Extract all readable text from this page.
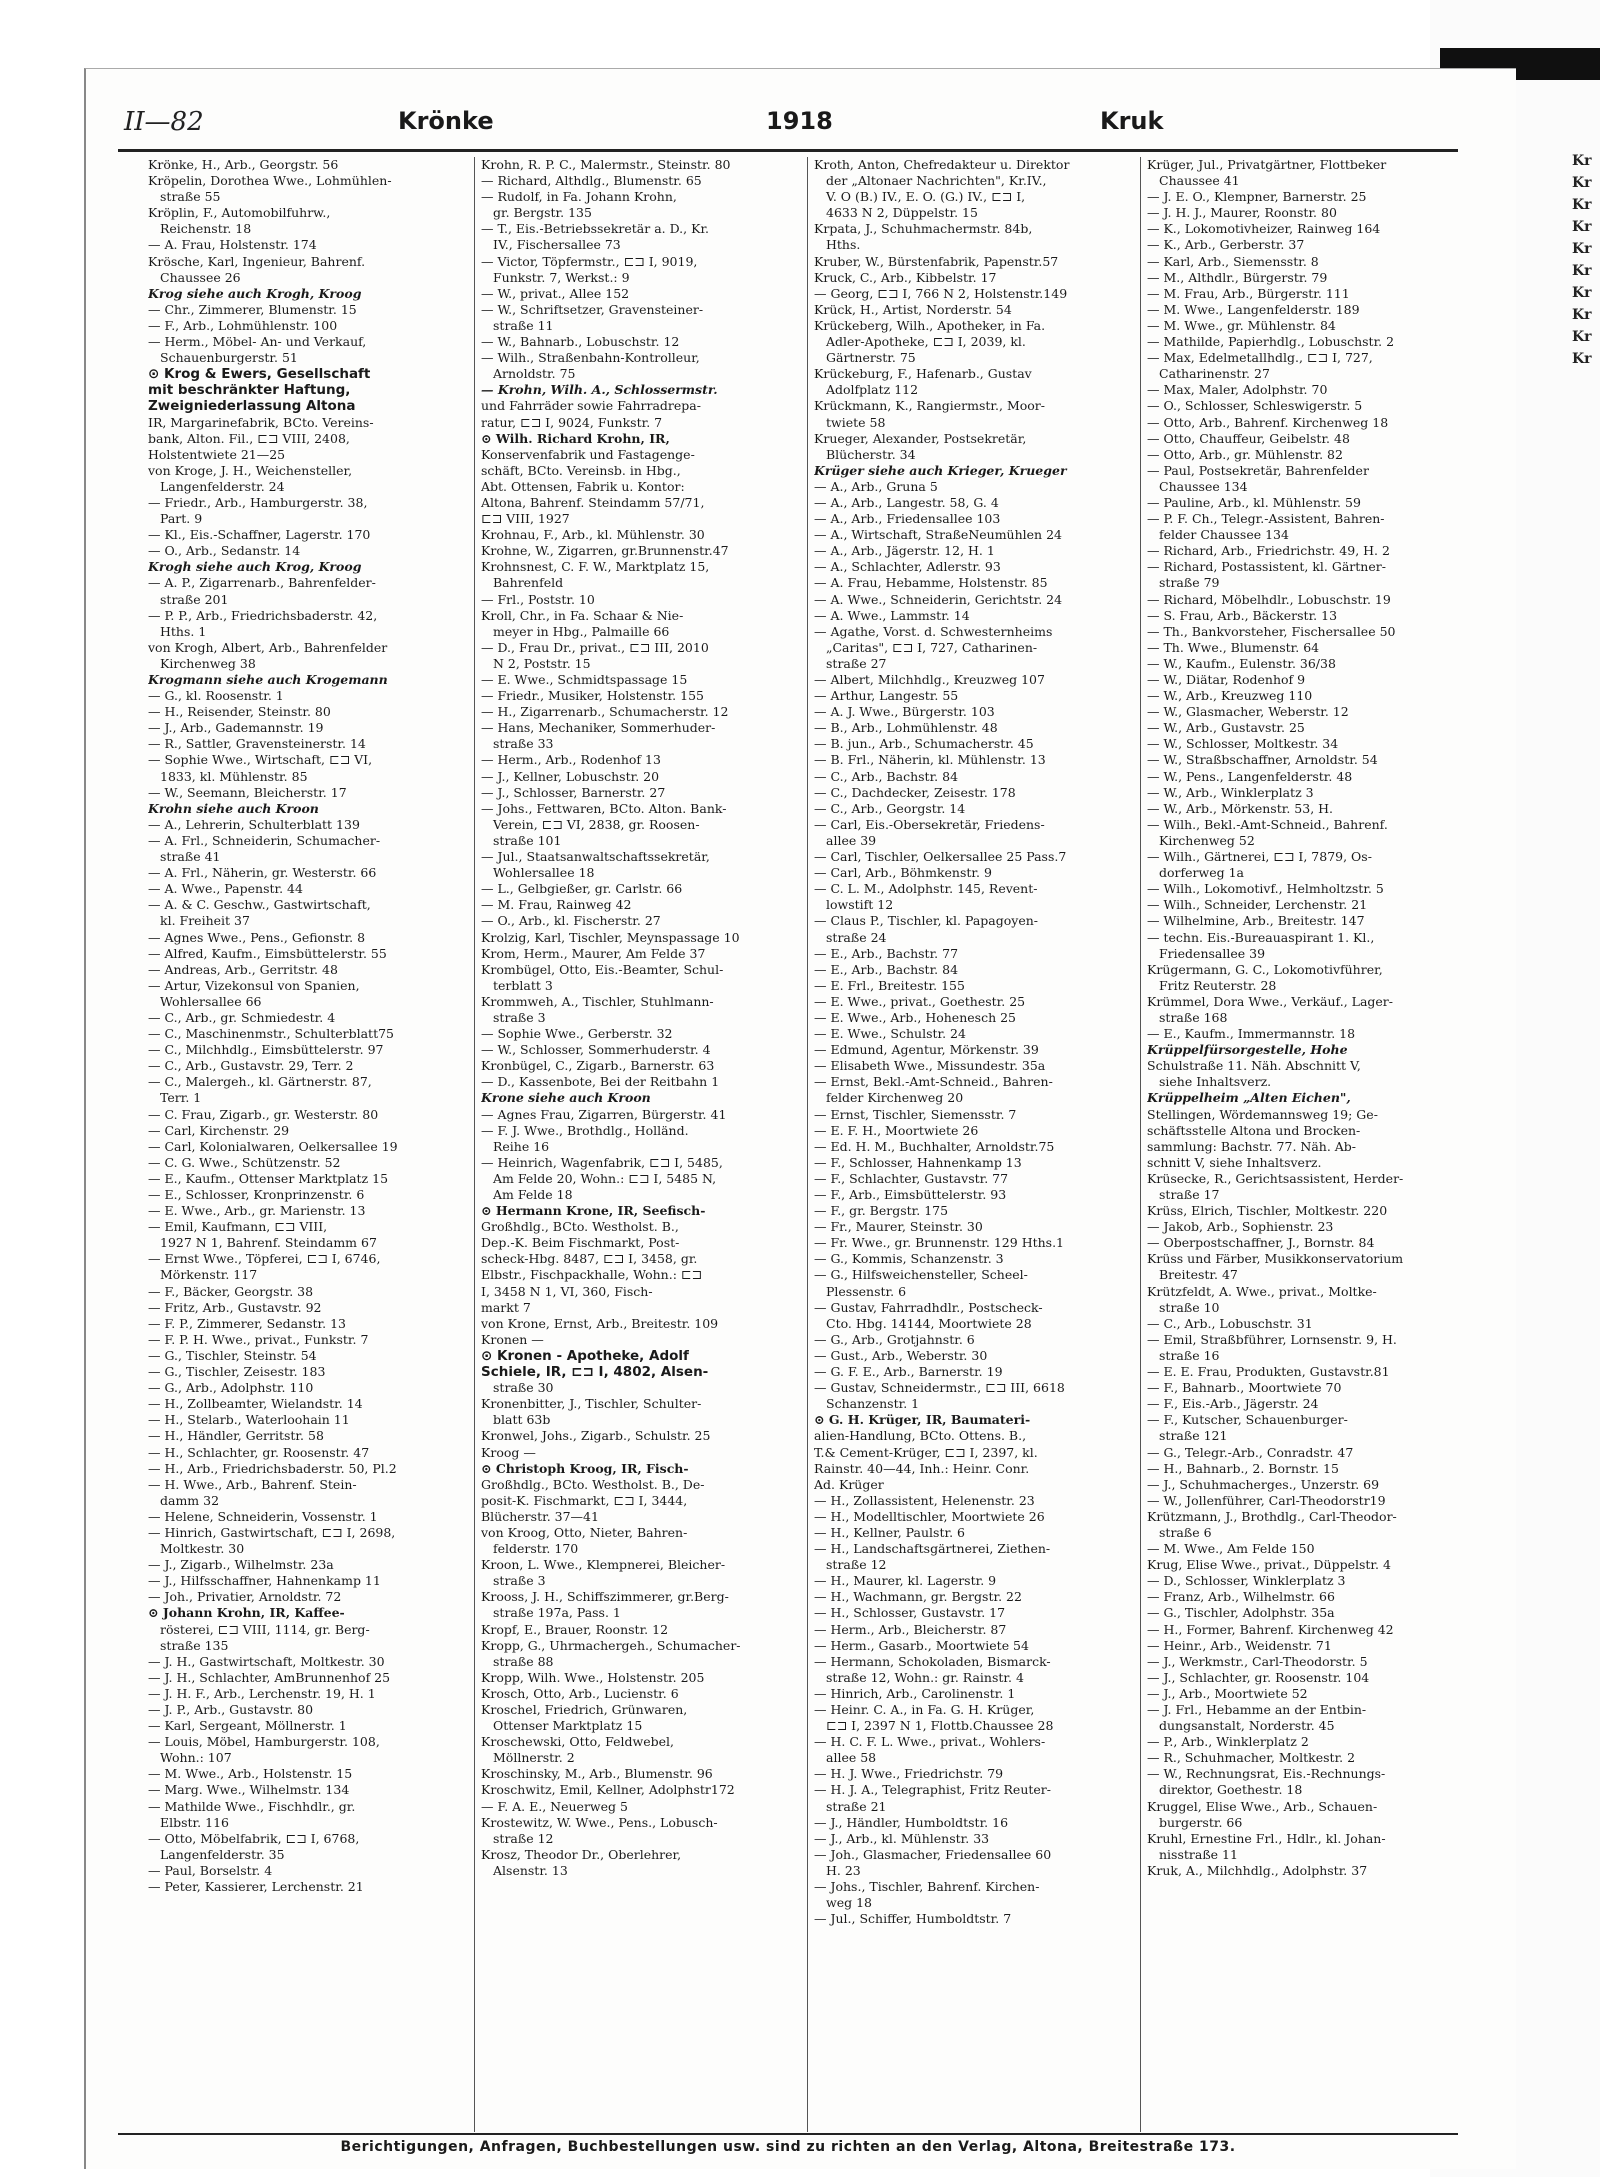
Kr
Kr
Kr
Kr
Kr
Kr
Kr
Kr
Kr
Kr
II—82	Krönke	1918	Kruk
Krönke, H., Arb., Georgstr. 56
Kröpelin, Dorothea Wwe., Lohmühlen-
straße 55
Kröplin, F., Automobilfuhrw.,
Reichenstr. 18
— A. Frau, Holstenstr. 174
Krösche, Karl, Ingenieur, Bahrenf.
Chaussee 26
Krog siehe auch Krogh, Kroog
— Chr., Zimmerer, Blumenstr. 15
— F., Arb., Lohmühlenstr. 100
— Herm., Möbel- An- und Verkauf,
Schauenburgerstr. 51
⊙ Krog & Ewers, Gesellschaft
mit beschränkter Haftung,
Zweigniederlassung Altona
IR, Margarinefabrik, BCto. Vereins-
bank, Alton. Fil., ⊏⊐ VIII, 2408,
Holstentwiete 21—25
von Kroge, J. H., Weichensteller,
Langenfelderstr. 24
— Friedr., Arb., Hamburgerstr. 38,
Part. 9
— Kl., Eis.-Schaffner, Lagerstr. 170
— O., Arb., Sedanstr. 14
Krogh siehe auch Krog, Kroog
— A. P., Zigarrenarb., Bahrenfelder-
straße 201
— P. P., Arb., Friedrichsbaderstr. 42,
Hths. 1
von Krogh, Albert, Arb., Bahrenfelder
Kirchenweg 38
Krogmann siehe auch Krogemann
— G., kl. Roosenstr. 1
— H., Reisender, Steinstr. 80
— J., Arb., Gademannstr. 19
— R., Sattler, Gravensteinerstr. 14
— Sophie Wwe., Wirtschaft, ⊏⊐ VI,
1833, kl. Mühlenstr. 85
— W., Seemann, Bleicherstr. 17
Krohn siehe auch Kroon
— A., Lehrerin, Schulterblatt 139
— A. Frl., Schneiderin, Schumacher-
straße 41
— A. Frl., Näherin, gr. Westerstr. 66
— A. Wwe., Papenstr. 44
— A. & C. Geschw., Gastwirtschaft,
kl. Freiheit 37
— Agnes Wwe., Pens., Gefionstr. 8
— Alfred, Kaufm., Eimsbüttelerstr. 55
— Andreas, Arb., Gerritstr. 48
— Artur, Vizekonsul von Spanien,
Wohlersallee 66
— C., Arb., gr. Schmiedestr. 4
— C., Maschinenmstr., Schulterblatt75
— C., Milchhdlg., Eimsbüttelerstr. 97
— C., Arb., Gustavstr. 29, Terr. 2
— C., Malergeh., kl. Gärtnerstr. 87,
Terr. 1
— C. Frau, Zigarb., gr. Westerstr. 80
— Carl, Kirchenstr. 29
— Carl, Kolonialwaren, Oelkersallee 19
— C. G. Wwe., Schützenstr. 52
— E., Kaufm., Ottenser Marktplatz 15
— E., Schlosser, Kronprinzenstr. 6
— E. Wwe., Arb., gr. Marienstr. 13
— Emil, Kaufmann, ⊏⊐ VIII,
1927 N 1, Bahrenf. Steindamm 67
— Ernst Wwe., Töpferei, ⊏⊐ I, 6746,
Mörkenstr. 117
— F., Bäcker, Georgstr. 38
— Fritz, Arb., Gustavstr. 92
— F. P., Zimmerer, Sedanstr. 13
— F. P. H. Wwe., privat., Funkstr. 7
— G., Tischler, Steinstr. 54
— G., Tischler, Zeisestr. 183
— G., Arb., Adolphstr. 110
— H., Zollbeamter, Wielandstr. 14
— H., Stelarb., Waterloohain 11
— H., Händler, Gerritstr. 58
— H., Schlachter, gr. Roosenstr. 47
— H., Arb., Friedrichsbaderstr. 50, Pl.2
— H. Wwe., Arb., Bahrenf. Stein-
damm 32
— Helene, Schneiderin, Vossenstr. 1
— Hinrich, Gastwirtschaft, ⊏⊐ I, 2698,
Moltkestr. 30
— J., Zigarb., Wilhelmstr. 23a
— J., Hilfsschaffner, Hahnenkamp 11
— Joh., Privatier, Arnoldstr. 72
⊙ Johann Krohn, IR, Kaffee-
rösterei, ⊏⊐ VIII, 1114, gr. Berg-
straße 135
— J. H., Gastwirtschaft, Moltkestr. 30
— J. H., Schlachter, AmBrunnenhof 25
— J. H. F., Arb., Lerchenstr. 19, H. 1
— J. P., Arb., Gustavstr. 80
— Karl, Sergeant, Möllnerstr. 1
— Louis, Möbel, Hamburgerstr. 108,
Wohn.: 107
— M. Wwe., Arb., Holstenstr. 15
— Marg. Wwe., Wilhelmstr. 134
— Mathilde Wwe., Fischhdlr., gr.
Elbstr. 116
— Otto, Möbelfabrik, ⊏⊐ I, 6768,
Langenfelderstr. 35
— Paul, Borselstr. 4
— Peter, Kassierer, Lerchenstr. 21
Krohn, R. P. C., Malermstr., Steinstr. 80
— Richard, Althdlg., Blumenstr. 65
— Rudolf, in Fa. Johann Krohn,
gr. Bergstr. 135
— T., Eis.-Betriebssekretär a. D., Kr.
IV., Fischersallee 73
— Victor, Töpfermstr., ⊏⊐ I, 9019,
Funkstr. 7, Werkst.: 9
— W., privat., Allee 152
— W., Schriftsetzer, Gravensteiner-
straße 11
— W., Bahnarb., Lobuschstr. 12
— Wilh., Straßenbahn-Kontrolleur,
Arnoldstr. 75
— Krohn, Wilh. A., Schlossermstr.
und Fahrräder sowie Fahrradrepa-
ratur, ⊏⊐ I, 9024, Funkstr. 7
⊙ Wilh. Richard Krohn, IR,
Konservenfabrik und Fastagenge-
schäft, BCto. Vereinsb. in Hbg.,
Abt. Ottensen, Fabrik u. Kontor:
Altona, Bahrenf. Steindamm 57/71,
⊏⊐ VIII, 1927
Krohnau, F., Arb., kl. Mühlenstr. 30
Krohne, W., Zigarren, gr.Brunnenstr.47
Krohnsnest, C. F. W., Marktplatz 15,
Bahrenfeld
— Frl., Poststr. 10
Kroll, Chr., in Fa. Schaar & Nie-
meyer in Hbg., Palmaille 66
— D., Frau Dr., privat., ⊏⊐ III, 2010
N 2, Poststr. 15
— E. Wwe., Schmidtspassage 15
— Friedr., Musiker, Holstenstr. 155
— H., Zigarrenarb., Schumacherstr. 12
— Hans, Mechaniker, Sommerhuder-
straße 33
— Herm., Arb., Rodenhof 13
— J., Kellner, Lobuschstr. 20
— J., Schlosser, Barnerstr. 27
— Johs., Fettwaren, BCto. Alton. Bank-
Verein, ⊏⊐ VI, 2838, gr. Roosen-
straße 101
— Jul., Staatsanwaltschaftssekretär,
Wohlersallee 18
— L., Gelbgießer, gr. Carlstr. 66
— M. Frau, Rainweg 42
— O., Arb., kl. Fischerstr. 27
Krolzig, Karl, Tischler, Meynspassage 10
Krom, Herm., Maurer, Am Felde 37
Krombügel, Otto, Eis.-Beamter, Schul-
terblatt 3
Krommweh, A., Tischler, Stuhlmann-
straße 3
— Sophie Wwe., Gerberstr. 32
— W., Schlosser, Sommerhuderstr. 4
Kronbügel, C., Zigarb., Barnerstr. 63
— D., Kassenbote, Bei der Reitbahn 1
Krone siehe auch Kroon
— Agnes Frau, Zigarren, Bürgerstr. 41
— F. J. Wwe., Brothdlg., Holländ.
Reihe 16
— Heinrich, Wagenfabrik, ⊏⊐ I, 5485,
Am Felde 20, Wohn.: ⊏⊐ I, 5485 N,
Am Felde 18
⊙ Hermann Krone, IR, Seefisch-
Großhdlg., BCto. Westholst. B.,
Dep.-K. Beim Fischmarkt, Post-
scheck-Hbg. 8487, ⊏⊐ I, 3458, gr.
Elbstr., Fischpackhalle, Wohn.: ⊏⊐
I, 3458 N 1, VI, 360, Fisch-
markt 7
von Krone, Ernst, Arb., Breitestr. 109
Kronen —
⊙ Kronen - Apotheke, Adolf
Schiele, IR, ⊏⊐ I, 4802, Alsen-
straße 30
Kronenbitter, J., Tischler, Schulter-
blatt 63b
Kronwel, Johs., Zigarb., Schulstr. 25
Kroog —
⊙ Christoph Kroog, IR, Fisch-
Großhdlg., BCto. Westholst. B., De-
posit-K. Fischmarkt, ⊏⊐ I, 3444,
Blücherstr. 37—41
von Kroog, Otto, Nieter, Bahren-
felderstr. 170
Kroon, L. Wwe., Klempnerei, Bleicher-
straße 3
Krooss, J. H., Schiffszimmerer, gr.Berg-
straße 197a, Pass. 1
Kropf, E., Brauer, Roonstr. 12
Kropp, G., Uhrmachergeh., Schumacher-
straße 88
Kropp, Wilh. Wwe., Holstenstr. 205
Krosch, Otto, Arb., Lucienstr. 6
Kroschel, Friedrich, Grünwaren,
Ottenser Marktplatz 15
Kroschewski, Otto, Feldwebel,
Möllnerstr. 2
Kroschinsky, M., Arb., Blumenstr. 96
Kroschwitz, Emil, Kellner, Adolphstr172
— F. A. E., Neuerweg 5
Krostewitz, W. Wwe., Pens., Lobusch-
straße 12
Krosz, Theodor Dr., Oberlehrer,
Alsenstr. 13
Kroth, Anton, Chefredakteur u. Direktor
der „Altonaer Nachrichten", Kr.IV.,
V. O (B.) IV., E. O. (G.) IV., ⊏⊐ I,
4633 N 2, Düppelstr. 15
Krpata, J., Schuhmachermstr. 84b,
Hths.
Kruber, W., Bürstenfabrik, Papenstr.57
Kruck, C., Arb., Kibbelstr. 17
— Georg, ⊏⊐ I, 766 N 2, Holstenstr.149
Krück, H., Artist, Norderstr. 54
Krückeberg, Wilh., Apotheker, in Fa.
Adler-Apotheke, ⊏⊐ I, 2039, kl.
Gärtnerstr. 75
Krückeburg, F., Hafenarb., Gustav
Adolfplatz 112
Krückmann, K., Rangiermstr., Moor-
twiete 58
Krueger, Alexander, Postsekretär,
Blücherstr. 34
Krüger siehe auch Krieger, Krueger
— A., Arb., Gruna 5
— A., Arb., Langestr. 58, G. 4
— A., Arb., Friedensallee 103
— A., Wirtschaft, StraßeNeumühlen 24
— A., Arb., Jägerstr. 12, H. 1
— A., Schlachter, Adlerstr. 93
— A. Frau, Hebamme, Holstenstr. 85
— A. Wwe., Schneiderin, Gerichtstr. 24
— A. Wwe., Lammstr. 14
— Agathe, Vorst. d. Schwesternheims
„Caritas", ⊏⊐ I, 727, Catharinen-
straße 27
— Albert, Milchhdlg., Kreuzweg 107
— Arthur, Langestr. 55
— A. J. Wwe., Bürgerstr. 103
— B., Arb., Lohmühlenstr. 48
— B. jun., Arb., Schumacherstr. 45
— B. Frl., Näherin, kl. Mühlenstr. 13
— C., Arb., Bachstr. 84
— C., Dachdecker, Zeisestr. 178
— C., Arb., Georgstr. 14
— Carl, Eis.-Obersekretär, Friedens-
allee 39
— Carl, Tischler, Oelkersallee 25 Pass.7
— Carl, Arb., Böhmkenstr. 9
— C. L. M., Adolphstr. 145, Revent-
lowstift 12
— Claus P., Tischler, kl. Papagoyen-
straße 24
— E., Arb., Bachstr. 77
— E., Arb., Bachstr. 84
— E. Frl., Breitestr. 155
— E. Wwe., privat., Goethestr. 25
— E. Wwe., Arb., Hohenesch 25
— E. Wwe., Schulstr. 24
— Edmund, Agentur, Mörkenstr. 39
— Elisabeth Wwe., Missundestr. 35a
— Ernst, Bekl.-Amt-Schneid., Bahren-
felder Kirchenweg 20
— Ernst, Tischler, Siemensstr. 7
— E. F. H., Moortwiete 26
— Ed. H. M., Buchhalter, Arnoldstr.75
— F., Schlosser, Hahnenkamp 13
— F., Schlachter, Gustavstr. 77
— F., Arb., Eimsbüttelerstr. 93
— F., gr. Bergstr. 175
— Fr., Maurer, Steinstr. 30
— Fr. Wwe., gr. Brunnenstr. 129 Hths.1
— G., Kommis, Schanzenstr. 3
— G., Hilfsweichensteller, Scheel-
Plessenstr. 6
— Gustav, Fahrradhdlr., Postscheck-
Cto. Hbg. 14144, Moortwiete 28
— G., Arb., Grotjahnstr. 6
— Gust., Arb., Weberstr. 30
— G. F. E., Arb., Barnerstr. 19
— Gustav, Schneidermstr., ⊏⊐ III, 6618
Schanzenstr. 1
⊙ G. H. Krüger, IR, Baumateri-
alien-Handlung, BCto. Ottens. B.,
T.& Cement-Krüger, ⊏⊐ I, 2397, kl.
Rainstr. 40—44, Inh.: Heinr. Conr.
Ad. Krüger
— H., Zollassistent, Helenenstr. 23
— H., Modelltischler, Moortwiete 26
— H., Kellner, Paulstr. 6
— H., Landschaftsgärtnerei, Ziethen-
straße 12
— H., Maurer, kl. Lagerstr. 9
— H., Wachmann, gr. Bergstr. 22
— H., Schlosser, Gustavstr. 17
— Herm., Arb., Bleicherstr. 87
— Herm., Gasarb., Moortwiete 54
— Hermann, Schokoladen, Bismarck-
straße 12, Wohn.: gr. Rainstr. 4
— Hinrich, Arb., Carolinenstr. 1
— Heinr. C. A., in Fa. G. H. Krüger,
⊏⊐ I, 2397 N 1, Flottb.Chaussee 28
— H. C. F. L. Wwe., privat., Wohlers-
allee 58
— H. J. Wwe., Friedrichstr. 79
— H. J. A., Telegraphist, Fritz Reuter-
straße 21
— J., Händler, Humboldtstr. 16
— J., Arb., kl. Mühlenstr. 33
— Joh., Glasmacher, Friedensallee 60
H. 23
— Johs., Tischler, Bahrenf. Kirchen-
weg 18
— Jul., Schiffer, Humboldtstr. 7
Krüger, Jul., Privatgärtner, Flottbeker
Chaussee 41
— J. E. O., Klempner, Barnerstr. 25
— J. H. J., Maurer, Roonstr. 80
— K., Lokomotivheizer, Rainweg 164
— K., Arb., Gerberstr. 37
— Karl, Arb., Siemensstr. 8
— M., Althdlr., Bürgerstr. 79
— M. Frau, Arb., Bürgerstr. 111
— M. Wwe., Langenfelderstr. 189
— M. Wwe., gr. Mühlenstr. 84
— Mathilde, Papierhdlg., Lobuschstr. 2
— Max, Edelmetallhdlg., ⊏⊐ I, 727,
Catharinenstr. 27
— Max, Maler, Adolphstr. 70
— O., Schlosser, Schleswigerstr. 5
— Otto, Arb., Bahrenf. Kirchenweg 18
— Otto, Chauffeur, Geibelstr. 48
— Otto, Arb., gr. Mühlenstr. 82
— Paul, Postsekretär, Bahrenfelder
Chaussee 134
— Pauline, Arb., kl. Mühlenstr. 59
— P. F. Ch., Telegr.-Assistent, Bahren-
felder Chaussee 134
— Richard, Arb., Friedrichstr. 49, H. 2
— Richard, Postassistent, kl. Gärtner-
straße 79
— Richard, Möbelhdlr., Lobuschstr. 19
— S. Frau, Arb., Bäckerstr. 13
— Th., Bankvorsteher, Fischersallee 50
— Th. Wwe., Blumenstr. 64
— W., Kaufm., Eulenstr. 36/38
— W., Diätar, Rodenhof 9
— W., Arb., Kreuzweg 110
— W., Glasmacher, Weberstr. 12
— W., Arb., Gustavstr. 25
— W., Schlosser, Moltkestr. 34
— W., Straßbschaffner, Arnoldstr. 54
— W., Pens., Langenfelderstr. 48
— W., Arb., Winklerplatz 3
— W., Arb., Mörkenstr. 53, H.
— Wilh., Bekl.-Amt-Schneid., Bahrenf.
Kirchenweg 52
— Wilh., Gärtnerei, ⊏⊐ I, 7879, Os-
dorferweg 1a
— Wilh., Lokomotivf., Helmholtzstr. 5
— Wilh., Schneider, Lerchenstr. 21
— Wilhelmine, Arb., Breitestr. 147
— techn. Eis.-Bureauaspirant 1. Kl.,
Friedensallee 39
Krügermann, G. C., Lokomotivführer,
Fritz Reuterstr. 28
Krümmel, Dora Wwe., Verkäuf., Lager-
straße 168
— E., Kaufm., Immermannstr. 18
Krüppelfürsorgestelle, Hohe
Schulstraße 11. Näh. Abschnitt V,
siehe Inhaltsverz.
Krüppelheim „Alten Eichen",
Stellingen, Wördemannsweg 19; Ge-
schäftsstelle Altona und Brocken-
sammlung: Bachstr. 77. Näh. Ab-
schnitt V, siehe Inhaltsverz.
Krüsecke, R., Gerichtsassistent, Herder-
straße 17
Krüss, Elrich, Tischler, Moltkestr. 220
— Jakob, Arb., Sophienstr. 23
— Oberpostschaffner, J., Bornstr. 84
Krüss und Färber, Musikkonservatorium
Breitestr. 47
Krützfeldt, A. Wwe., privat., Moltke-
straße 10
— C., Arb., Lobuschstr. 31
— Emil, Straßbführer, Lornsenstr. 9, H.
straße 16
— E. E. Frau, Produkten, Gustavstr.81
— F., Bahnarb., Moortwiete 70
— F., Eis.-Arb., Jägerstr. 24
— F., Kutscher, Schauenburger-
straße 121
— G., Telegr.-Arb., Conradstr. 47
— H., Bahnarb., 2. Bornstr. 15
— J., Schuhmacherges., Unzerstr. 69
— W., Jollenführer, Carl-Theodorstr19
Krützmann, J., Brothdlg., Carl-Theodor-
straße 6
— M. Wwe., Am Felde 150
Krug, Elise Wwe., privat., Düppelstr. 4
— D., Schlosser, Winklerplatz 3
— Franz, Arb., Wilhelmstr. 66
— G., Tischler, Adolphstr. 35a
— H., Former, Bahrenf. Kirchenweg 42
— Heinr., Arb., Weidenstr. 71
— J., Werkmstr., Carl-Theodorstr. 5
— J., Schlachter, gr. Roosenstr. 104
— J., Arb., Moortwiete 52
— J. Frl., Hebamme an der Entbin-
dungsanstalt, Norderstr. 45
— P., Arb., Winklerplatz 2
— R., Schuhmacher, Moltkestr. 2
— W., Rechnungsrat, Eis.-Rechnungs-
direktor, Goethestr. 18
Kruggel, Elise Wwe., Arb., Schauen-
burgerstr. 66
Kruhl, Ernestine Frl., Hdlr., kl. Johan-
nisstraße 11
Kruk, A., Milchhdlg., Adolphstr. 37
Berichtigungen, Anfragen, Buchbestellungen usw. sind zu richten an den Verlag, Altona, Breitestraße 173.
